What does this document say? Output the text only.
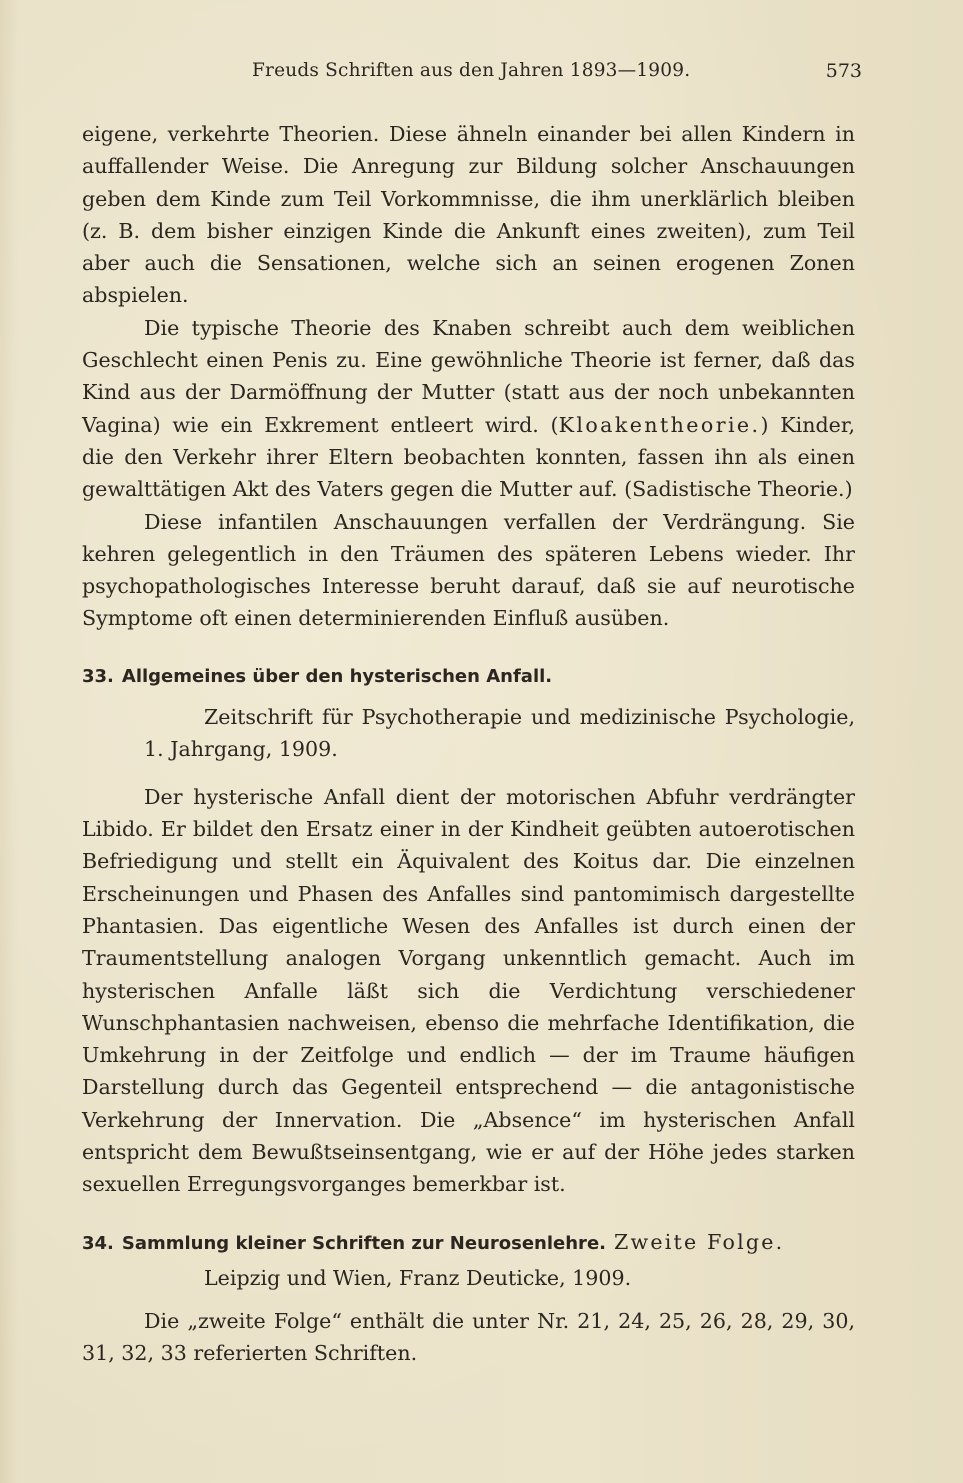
Freuds Schriften aus den Jahren 1893—1909.	573

eigene, verkehrte Theorien. Diese ähneln einander bei allen Kindern in auffallender Weise. Die Anregung zur Bildung solcher Anschauungen geben dem Kinde zum Teil Vorkommnisse, die ihm unerklärlich bleiben (z. B. dem bisher einzigen Kinde die Ankunft eines zweiten), zum Teil aber auch die Sensationen, welche sich an seinen erogenen Zonen abspielen.

Die typische Theorie des Knaben schreibt auch dem weiblichen Geschlecht einen Penis zu. Eine gewöhnliche Theorie ist ferner, daß das Kind aus der Darmöffnung der Mutter (statt aus der noch unbekannten Vagina) wie ein Exkrement entleert wird. (Kloakentheorie.) Kinder, die den Verkehr ihrer Eltern beobachten konnten, fassen ihn als einen gewalttätigen Akt des Vaters gegen die Mutter auf. (Sadistische Theorie.)

Diese infantilen Anschauungen verfallen der Verdrängung. Sie kehren gelegentlich in den Träumen des späteren Lebens wieder. Ihr psychopathologisches Interesse beruht darauf, daß sie auf neurotische Symptome oft einen determinierenden Einfluß ausüben.

33. Allgemeines über den hysterischen Anfall.

Zeitschrift für Psychotherapie und medizinische Psychologie, 1. Jahrgang, 1909.

Der hysterische Anfall dient der motorischen Abfuhr verdrängter Libido. Er bildet den Ersatz einer in der Kindheit geübten autoerotischen Befriedigung und stellt ein Äquivalent des Koitus dar. Die einzelnen Erscheinungen und Phasen des Anfalles sind pantomimisch dargestellte Phantasien. Das eigentliche Wesen des Anfalles ist durch einen der Traumentstellung analogen Vorgang unkenntlich gemacht. Auch im hysterischen Anfalle läßt sich die Verdichtung verschiedener Wunschphantasien nachweisen, ebenso die mehrfache Identifikation, die Umkehrung in der Zeitfolge und endlich — der im Traume häufigen Darstellung durch das Gegenteil entsprechend — die antagonistische Verkehrung der Innervation. Die „Absence“ im hysterischen Anfall entspricht dem Bewußtseinsentgang, wie er auf der Höhe jedes starken sexuellen Erregungsvorganges bemerkbar ist.

34. Sammlung kleiner Schriften zur Neurosenlehre. Zweite Folge.
Leipzig und Wien, Franz Deuticke, 1909.

Die „zweite Folge“ enthält die unter Nr. 21, 24, 25, 26, 28, 29, 30, 31, 32, 33 referierten Schriften.
